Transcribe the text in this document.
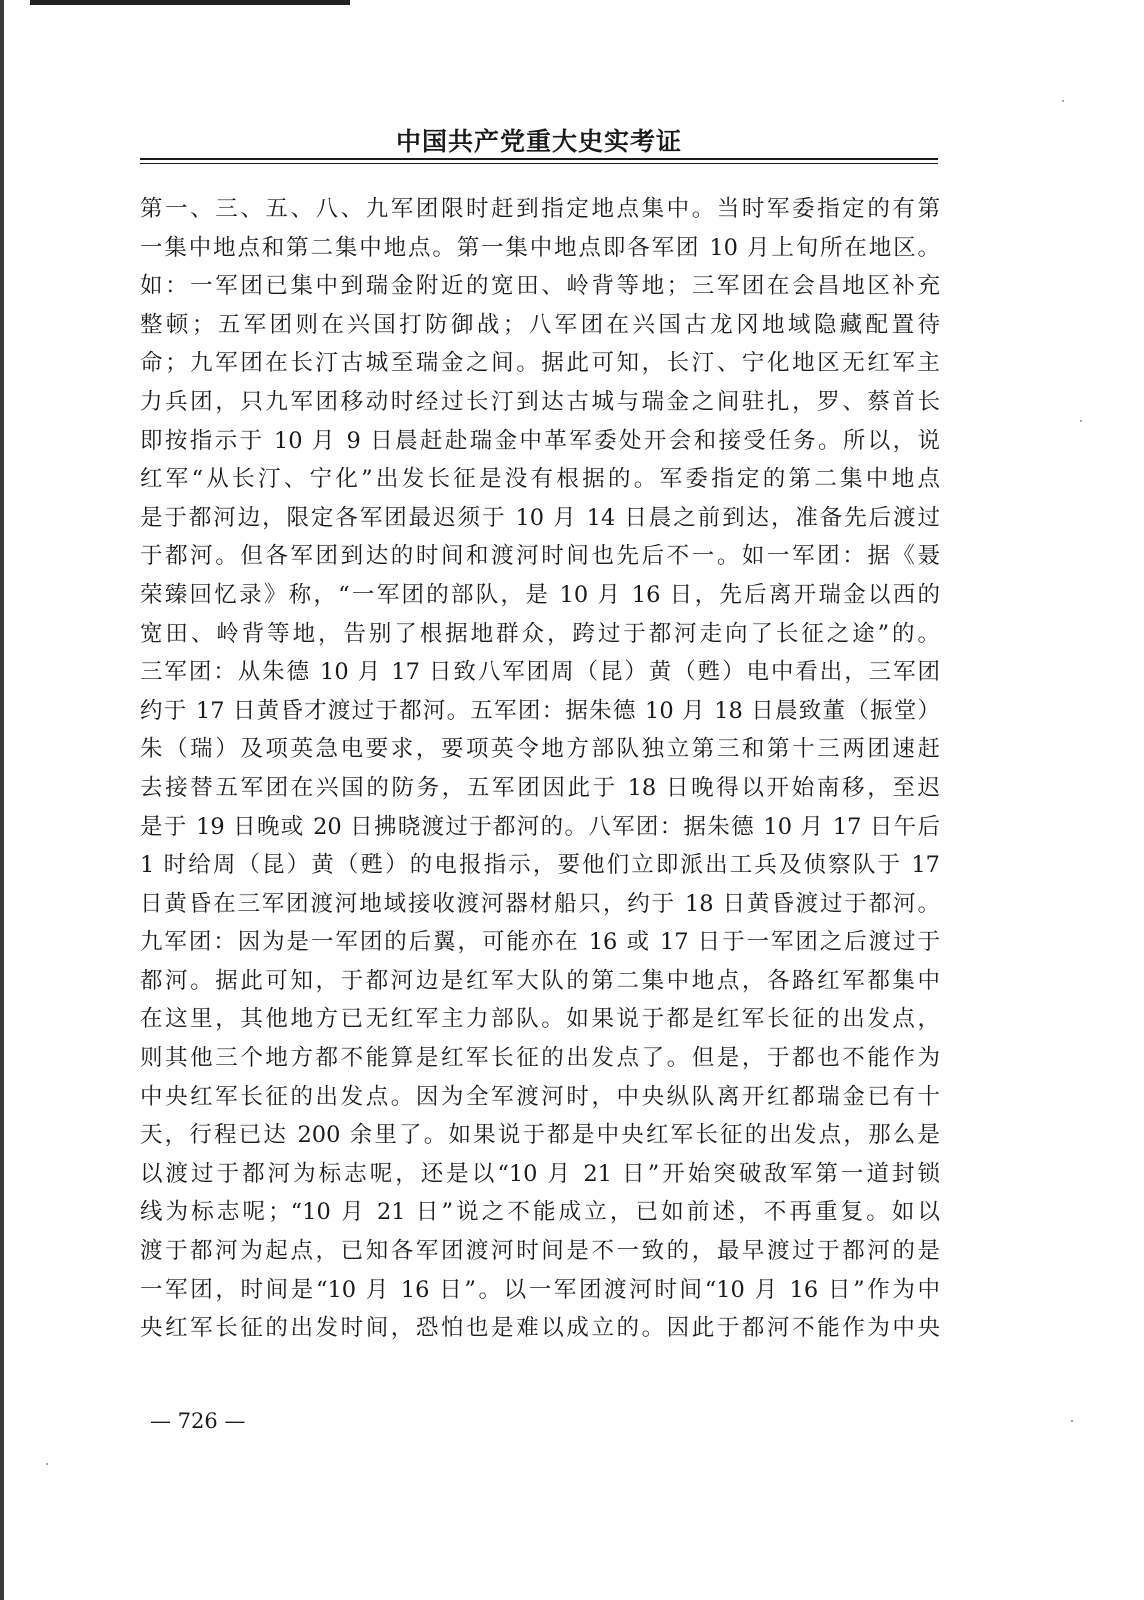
中国共产党重大史实考证
第一、三、五、八、九军团限时赶到指定地点集中。当时军委指定的有第
一集中地点和第二集中地点。第一集中地点即各军团 10 月上旬所在地区。
如：一军团已集中到瑞金附近的宽田、岭背等地；三军团在会昌地区补充
整顿；五军团则在兴国打防御战；八军团在兴国古龙冈地域隐藏配置待
命；九军团在长汀古城至瑞金之间。据此可知，长汀、宁化地区无红军主
力兵团，只九军团移动时经过长汀到达古城与瑞金之间驻扎，罗、蔡首长
即按指示于 10 月 9 日晨赶赴瑞金中革军委处开会和接受任务。所以，说
红军“从长汀、宁化”出发长征是没有根据的。军委指定的第二集中地点
是于都河边，限定各军团最迟须于 10 月 14 日晨之前到达，准备先后渡过
于都河。但各军团到达的时间和渡河时间也先后不一。如一军团：据《聂
荣臻回忆录》称，“一军团的部队，是 10 月 16 日，先后离开瑞金以西的
宽田、岭背等地，告别了根据地群众，跨过于都河走向了长征之途”的。
三军团：从朱德 10 月 17 日致八军团周（昆）黄（甦）电中看出，三军团
约于 17 日黄昏才渡过于都河。五军团：据朱德 10 月 18 日晨致董（振堂）
朱（瑞）及项英急电要求，要项英令地方部队独立第三和第十三两团速赶
去接替五军团在兴国的防务，五军团因此于 18 日晚得以开始南移，至迟
是于 19 日晚或 20 日拂晓渡过于都河的。八军团：据朱德 10 月 17 日午后
1 时给周（昆）黄（甦）的电报指示，要他们立即派出工兵及侦察队于 17
日黄昏在三军团渡河地域接收渡河器材船只，约于 18 日黄昏渡过于都河。
九军团：因为是一军团的后翼，可能亦在 16 或 17 日于一军团之后渡过于
都河。据此可知，于都河边是红军大队的第二集中地点，各路红军都集中
在这里，其他地方已无红军主力部队。如果说于都是红军长征的出发点，
则其他三个地方都不能算是红军长征的出发点了。但是，于都也不能作为
中央红军长征的出发点。因为全军渡河时，中央纵队离开红都瑞金已有十
天，行程已达 200 余里了。如果说于都是中央红军长征的出发点，那么是
以渡过于都河为标志呢，还是以“10 月 21 日”开始突破敌军第一道封锁
线为标志呢；“10 月 21 日”说之不能成立，已如前述，不再重复。如以
渡于都河为起点，已知各军团渡河时间是不一致的，最早渡过于都河的是
一军团，时间是“10 月 16 日”。以一军团渡河时间“10 月 16 日”作为中
央红军长征的出发时间，恐怕也是难以成立的。因此于都河不能作为中央
— 726 —
